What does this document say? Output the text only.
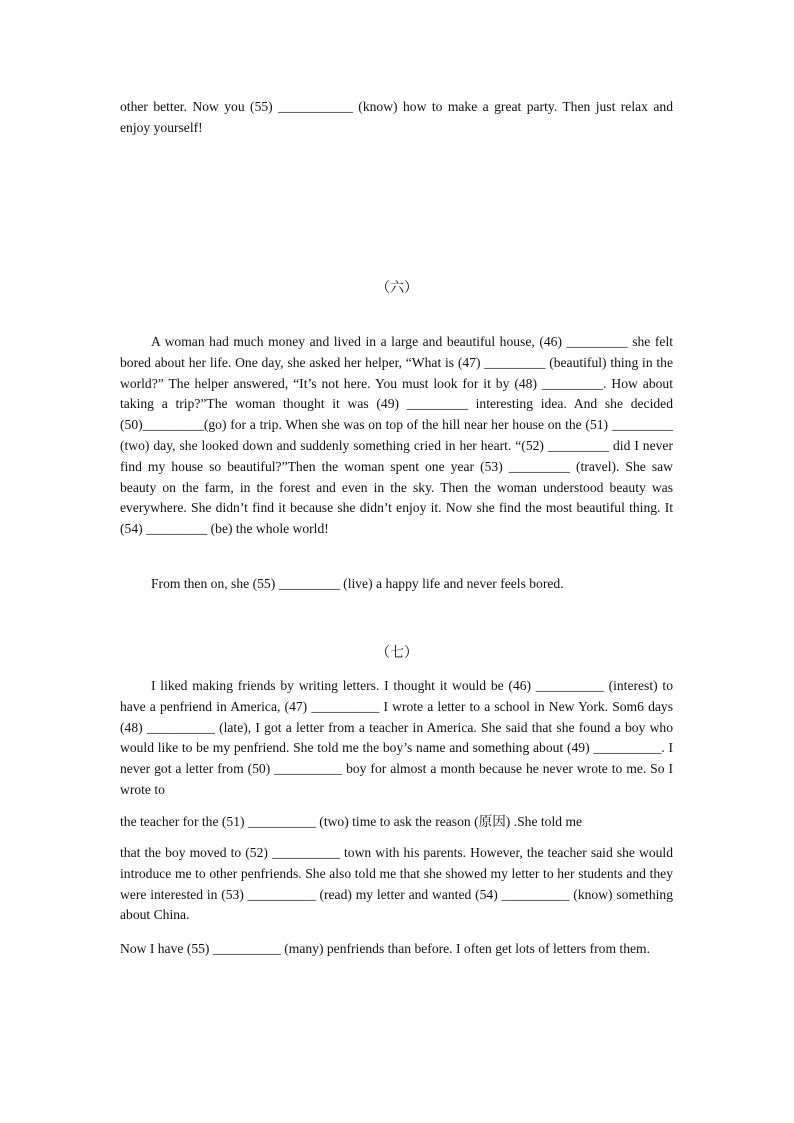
other better. Now you (55) ___________ (know) how to make a great party. Then just relax and enjoy yourself!

（六）

A woman had much money and lived in a large and beautiful house, (46) _________ she felt bored about her life. One day, she asked her helper, “What is (47) _________ (beautiful) thing in the world?” The helper answered, “It’s not here. You must look for it by (48) _________. How about taking a trip?”The woman thought it was (49) _________ interesting idea. And she decided (50)_________(go) for a trip. When she was on top of the hill near her house on the (51) _________ (two) day, she looked down and suddenly something cried in her heart. “(52) _________ did I never find my house so beautiful?”Then the woman spent one year (53) _________ (travel). She saw beauty on the farm, in the forest and even in the sky. Then the woman understood beauty was everywhere. She didn’t find it because she didn’t enjoy it. Now she find the most beautiful thing. It (54) _________ (be) the whole world!

From then on, she (55) _________ (live) a happy life and never feels bored.

（七）

I liked making friends by writing letters. I thought it would be (46) __________ (interest) to have a penfriend in America, (47) __________ I wrote a letter to a school in New York. Som6 days (48) __________ (late), I got a letter from a teacher in America. She said that she found a boy who would like to be my penfriend. She told me the boy’s name and something about (49) __________. I never got a letter from (50) __________ boy for almost a month because he never wrote to me. So I wrote to

the teacher for the (51) __________ (two) time to ask the reason (原因) .She told me

that the boy moved to (52) __________ town with his parents. However, the teacher said she would introduce me to other penfriends. She also told me that she showed my letter to her students and they were interested in (53) __________ (read) my letter and wanted (54) __________ (know) something about China.

Now I have (55) __________ (many) penfriends than before. I often get lots of letters from them.
